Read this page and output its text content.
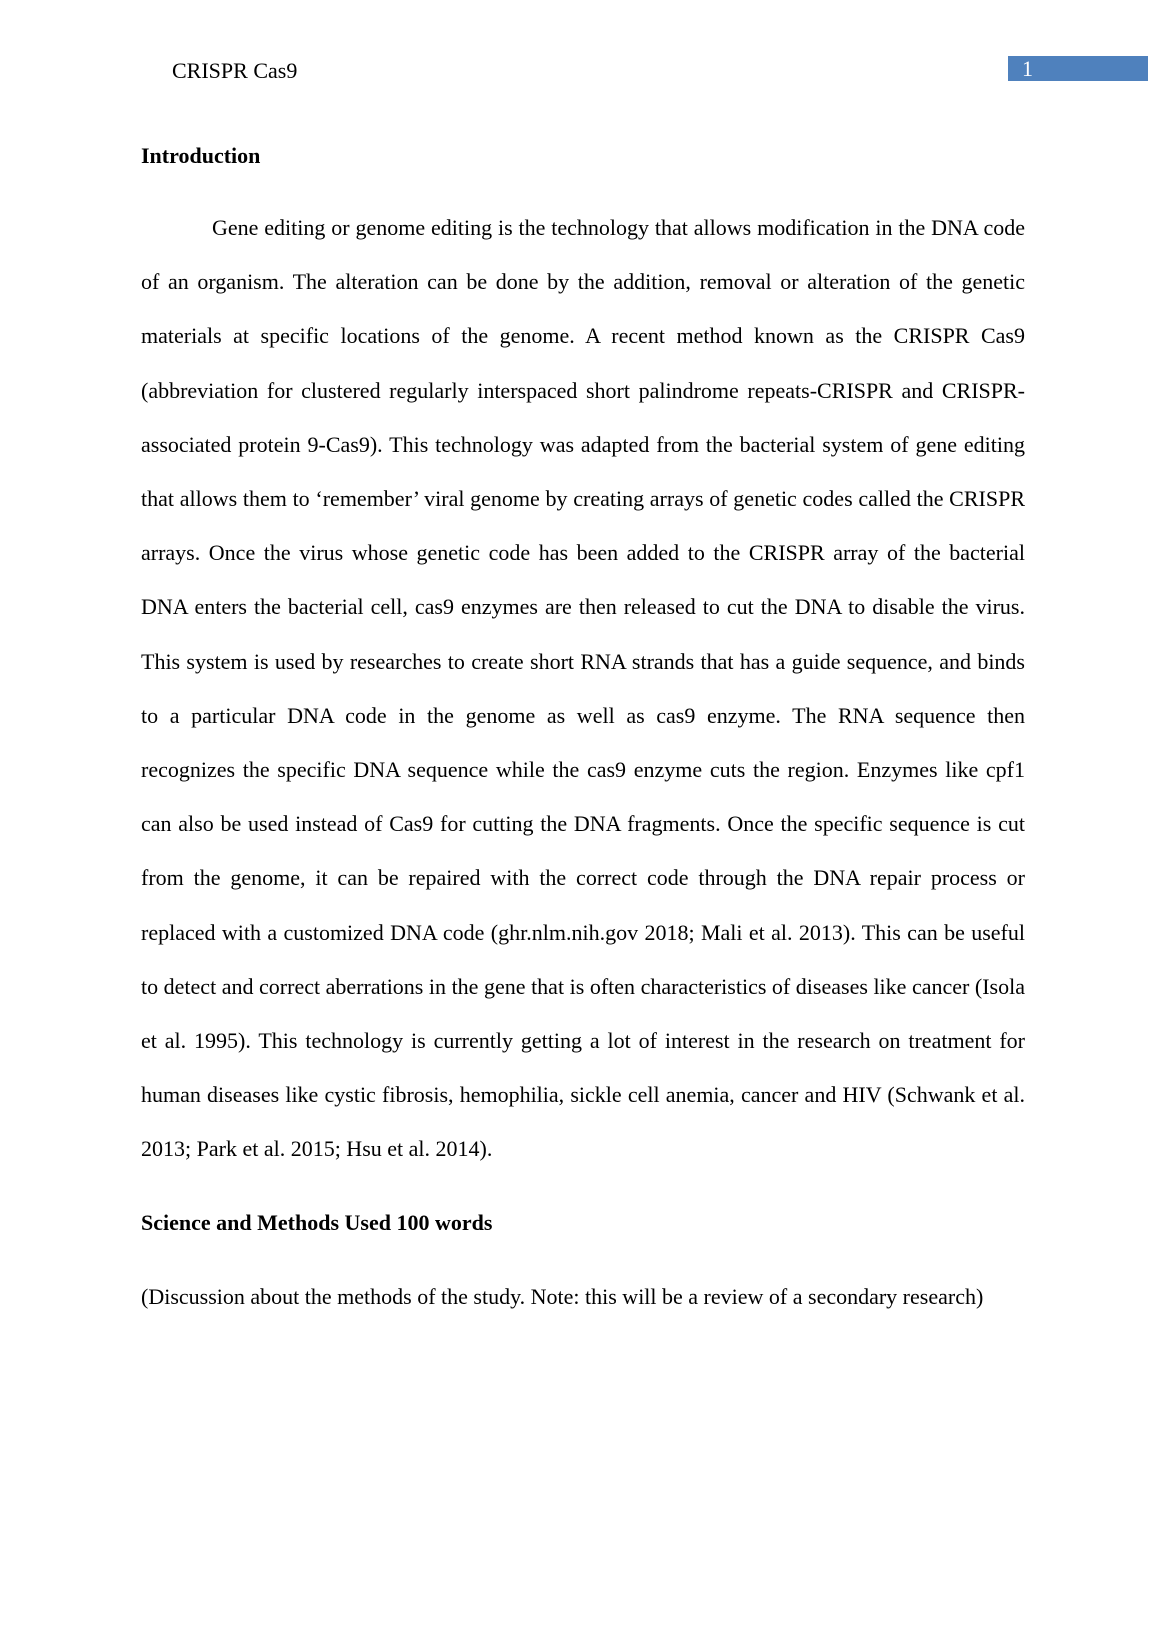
CRISPR Cas9	1
Introduction

Gene editing or genome editing is the technology that allows modification in the DNA code of an organism. The alteration can be done by the addition, removal or alteration of the genetic materials at specific locations of the genome. A recent method known as the CRISPR Cas9 (abbreviation for clustered regularly interspaced short palindrome repeats-CRISPR and CRISPR-associated protein 9-Cas9). This technology was adapted from the bacterial system of gene editing that allows them to ‘remember’ viral genome by creating arrays of genetic codes called the CRISPR arrays. Once the virus whose genetic code has been added to the CRISPR array of the bacterial DNA enters the bacterial cell, cas9 enzymes are then released to cut the DNA to disable the virus. This system is used by researches to create short RNA strands that has a guide sequence, and binds to a particular DNA code in the genome as well as cas9 enzyme. The RNA sequence then recognizes the specific DNA sequence while the cas9 enzyme cuts the region. Enzymes like cpf1 can also be used instead of Cas9 for cutting the DNA fragments. Once the specific sequence is cut from the genome, it can be repaired with the correct code through the DNA repair process or replaced with a customized DNA code (ghr.nlm.nih.gov 2018; Mali et al. 2013). This can be useful to detect and correct aberrations in the gene that is often characteristics of diseases like cancer (Isola et al. 1995). This technology is currently getting a lot of interest in the research on treatment for human diseases like cystic fibrosis, hemophilia, sickle cell anemia, cancer and HIV (Schwank et al. 2013; Park et al. 2015; Hsu et al. 2014).

Science and Methods Used 100 words

(Discussion about the methods of the study. Note: this will be a review of a secondary research)
